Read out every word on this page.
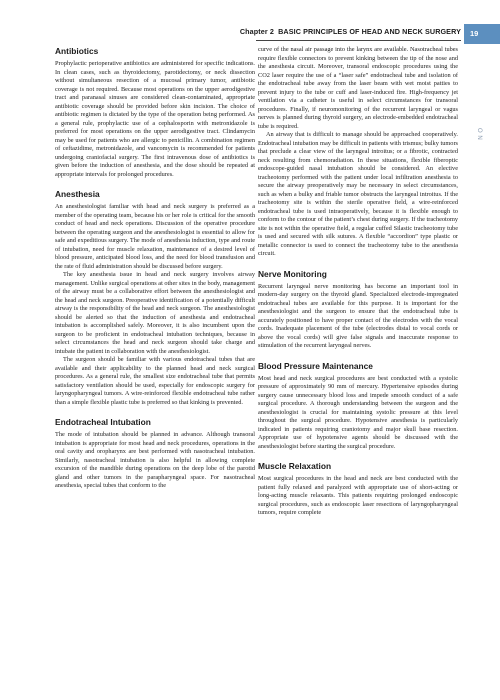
Chapter 2 BASIC PRINCIPLES OF HEAD AND NECK SURGERY	19
O N
Antibiotics

Prophylactic perioperative antibiotics are administered for specific indications. In clean cases, such as thyroidectomy, parotidectomy, or neck dissection without simultaneous resection of a mucosal primary tumor, antibiotic coverage is not required. Because most operations on the upper aerodigestive tract and paranasal sinuses are considered clean-contaminated, appropriate antibiotic coverage should be provided before skin incision. The choice of antibiotic regimen is dictated by the type of the operation being performed. As a general rule, prophylactic use of a cephalosporin with metronidazole is preferred for most operations on the upper aerodigestive tract. Clindamycin may be used for patients who are allergic to penicillin. A combination regimen of ceftazidime, metronidazole, and vancomycin is recommended for patients undergoing craniofacial surgery. The first intravenous dose of antibiotics is given before the induction of anesthesia, and the dose should be repeated at appropriate intervals for prolonged procedures.

Anesthesia

An anesthesiologist familiar with head and neck surgery is preferred as a member of the operating team, because his or her role is critical for the smooth conduct of head and neck operations. Discussion of the operative procedure between the operating surgeon and the anesthesiologist is essential to allow for safe and expeditious surgery. The mode of anesthesia induction, type and route of intubation, need for muscle relaxation, maintenance of a desired level of blood pressure, anticipated blood loss, and the need for blood transfusion and the rate of fluid administration should be discussed before surgery.

The key anesthesia issue in head and neck surgery involves airway management. Unlike surgical operations at other sites in the body, management of the airway must be a collaborative effort between the anesthesiologist and the head and neck surgeon. Preoperative identification of a potentially difficult airway is the responsibility of the head and neck surgeon. The anesthesiologist should be alerted so that the induction of anesthesia and endotracheal intubation is accomplished safely. Moreover, it is also incumbent upon the surgeon to be proficient in endotracheal intubation techniques, because in select circumstances the head and neck surgeon should take charge and intubate the patient in collaboration with the anesthesiologist.

The surgeon should be familiar with various endotracheal tubes that are available and their applicability to the planned head and neck surgical procedures. As a general rule, the smallest size endotracheal tube that permits satisfactory ventilation should be used, especially for endoscopic surgery for laryngopharyngeal tumors. A wire-reinforced flexible endotracheal tube rather than a simple flexible plastic tube is preferred so that kinking is prevented.

Endotracheal Intubation

The mode of intubation should be planned in advance. Although transoral intubation is appropriate for most head and neck procedures, operations in the oral cavity and oropharynx are best performed with nasotracheal intubation. Similarly, nasotracheal intubation is also helpful in allowing complete excursion of the mandible during operations on the deep lobe of the parotid gland and other tumors in the parapharyngeal space. For nasotracheal anesthesia, special tubes that conform to the

curve of the nasal air passage into the larynx are available. Nasotracheal tubes require flexible connectors to prevent kinking between the tip of the nose and the anesthesia circuit. Moreover, transoral endoscopic procedures using the CO2 laser require the use of a “laser safe” endotracheal tube and isolation of the endotracheal tube away from the laser beam with wet moist patties to prevent injury to the tube or cuff and laser-induced fire. High-frequency jet ventilation via a catheter is useful in select circumstances for transoral procedures. Finally, if neuromonitoring of the recurrent laryngeal or vagus nerves is planned during thyroid surgery, an electrode-embedded endotracheal tube is required.

An airway that is difficult to manage should be approached cooperatively. Endotracheal intubation may be difficult in patients with trismus; bulky tumors that preclude a clear view of the laryngeal introitus; or a fibrotic, contracted neck resulting from chemoradiation. In these situations, flexible fiberoptic endoscope-guided nasal intubation should be considered. An elective tracheotomy performed with the patient under local infiltration anesthesia to secure the airway preoperatively may be necessary in select circumstances, such as when a bulky and friable tumor obstructs the laryngeal introitus. If the tracheotomy site is within the sterile operative field, a wire-reinforced endotracheal tube is used intraoperatively, because it is flexible enough to conform to the contour of the patient’s chest during surgery. If the tracheotomy site is not within the operative field, a regular cuffed Silastic tracheotomy tube is used and secured with silk sutures. A flexible “accordion” type plastic or metallic connector is used to connect the tracheotomy tube to the anesthesia circuit.

Nerve Monitoring

Recurrent laryngeal nerve monitoring has become an important tool in modern-day surgery on the thyroid gland. Specialized electrode-impregnated endotracheal tubes are available for this purpose. It is important for the anesthesiologist and the surgeon to ensure that the endotracheal tube is accurately positioned to have proper contact of the electrodes with the vocal cords. Inadequate placement of the tube (electrodes distal to vocal cords or above the vocal cords) will give false signals and inaccurate response to stimulation of the recurrent laryngeal nerves.

Blood Pressure Maintenance

Most head and neck surgical procedures are best conducted with a systolic pressure of approximately 90 mm of mercury. Hypertensive episodes during surgery cause unnecessary blood loss and impede smooth conduct of a safe surgical procedure. A thorough understanding between the surgeon and the anesthesiologist is crucial for maintaining systolic pressure at this level throughout the surgical procedure. Hypotensive anesthesia is particularly indicated in patients requiring craniotomy and major skull base resection. Appropriate use of hypotensive agents should be discussed with the anesthesiologist before starting the surgical procedure.

Muscle Relaxation

Most surgical procedures in the head and neck are best conducted with the patient fully relaxed and paralyzed with appropriate use of short-acting or long-acting muscle relaxants. This patients requiring prolonged endoscopic surgical procedures, such as endoscopic laser resections of laryngopharyngeal tumors, require complete
